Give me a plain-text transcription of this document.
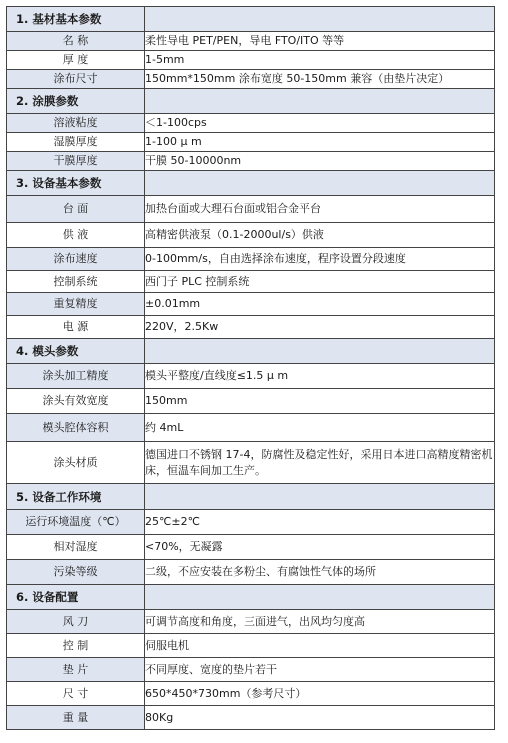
1. 基材基本参数	
名 称	柔性导电 PET/PEN，导电 FTO/ITO 等等
厚 度	1-5mm
涂布尺寸	150mm*150mm 涂布宽度 50-150mm 兼容（由垫片决定）
2. 涂膜参数	
溶液粘度	＜1-100cps
湿膜厚度	1-100 μ m
干膜厚度	干膜 50-10000nm
3. 设备基本参数	
台 面	加热台面或大理石台面或铝合金平台
供 液	高精密供液泵（0.1-2000ul/s）供液
涂布速度	0-100mm/s，自由选择涂布速度，程序设置分段速度
控制系统	西门子 PLC 控制系统
重复精度	±0.01mm
电 源	220V，2.5Kw
4. 模头参数	
涂头加工精度	模头平整度/直线度≤1.5 μ m
涂头有效宽度	150mm
模头腔体容积	约 4mL
涂头材质	德国进口不锈钢 17-4，防腐性及稳定性好，采用日本进口高精度精密机床，恒温车间加工生产。
5. 设备工作环境	
运行环境温度（℃）	25℃±2℃
相对湿度	<70%，无凝露
污染等级	二级，不应安装在多粉尘、有腐蚀性气体的场所
6. 设备配置	
风 刀	可调节高度和角度，三面进气，出风均匀度高
控 制	伺服电机
垫 片	不同厚度、宽度的垫片若干
尺 寸	650*450*730mm（参考尺寸）
重 量	80Kg
